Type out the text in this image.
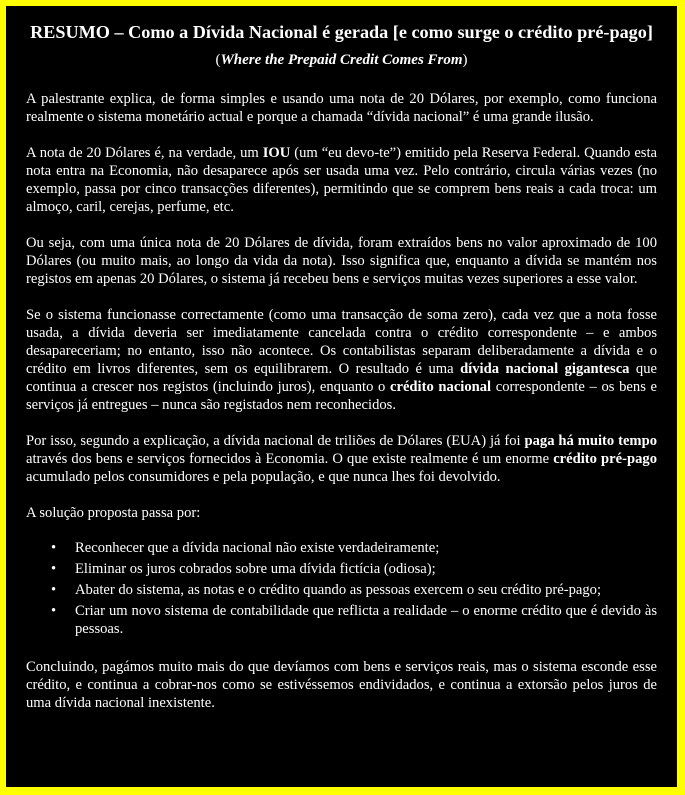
RESUMO – Como a Dívida Nacional é gerada [e como surge o crédito pré-pago]
(Where the Prepaid Credit Comes From)

A palestrante explica, de forma simples e usando uma nota de 20 Dólares, por exemplo, como funciona realmente o sistema monetário actual e porque a chamada “dívida nacional” é uma grande ilusão.

A nota de 20 Dólares é, na verdade, um IOU (um “eu devo-te”) emitido pela Reserva Federal. Quando esta nota entra na Economia, não desaparece após ser usada uma vez. Pelo contrário, circula várias vezes (no exemplo, passa por cinco transacções diferentes), permitindo que se comprem bens reais a cada troca: um almoço, caril, cerejas, perfume, etc.

Ou seja, com uma única nota de 20 Dólares de dívida, foram extraídos bens no valor aproximado de 100 Dólares (ou muito mais, ao longo da vida da nota). Isso significa que, enquanto a dívida se mantém nos registos em apenas 20 Dólares, o sistema já recebeu bens e serviços muitas vezes superiores a esse valor.

Se o sistema funcionasse correctamente (como uma transacção de soma zero), cada vez que a nota fosse usada, a dívida deveria ser imediatamente cancelada contra o crédito correspondente – e ambos desapareceriam; no entanto, isso não acontece. Os contabilistas separam deliberadamente a dívida e o crédito em livros diferentes, sem os equilibrarem. O resultado é uma dívida nacional gigantesca que continua a crescer nos registos (incluindo juros), enquanto o crédito nacional correspondente – os bens e serviços já entregues – nunca são registados nem reconhecidos.

Por isso, segundo a explicação, a dívida nacional de triliões de Dólares (EUA) já foi paga há muito tempo através dos bens e serviços fornecidos à Economia. O que existe realmente é um enorme crédito pré-pago acumulado pelos consumidores e pela população, e que nunca lhes foi devolvido.

A solução proposta passa por:

• Reconhecer que a dívida nacional não existe verdadeiramente;
• Eliminar os juros cobrados sobre uma dívida fictícia (odiosa);
• Abater do sistema, as notas e o crédito quando as pessoas exercem o seu crédito pré-pago;
• Criar um novo sistema de contabilidade que reflicta a realidade – o enorme crédito que é devido às pessoas.

Concluindo, pagámos muito mais do que devíamos com bens e serviços reais, mas o sistema esconde esse crédito, e continua a cobrar-nos como se estivéssemos endividados, e continua a extorsão pelos juros de uma dívida nacional inexistente.
